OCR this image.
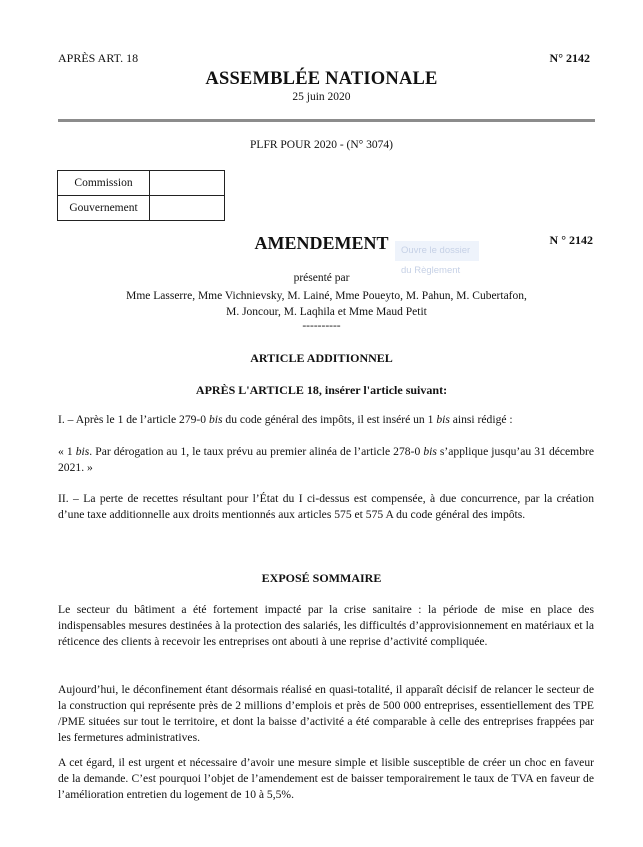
APRÈS ART. 18	N° 2142
ASSEMBLÉE NATIONALE
25 juin 2020
PLFR POUR 2020 - (N° 3074)
Commission	
Gouvernement	
AMENDEMENT	N ° 2142
Ouvre le dossier du Règlement
présenté par
Mme Lasserre, Mme Vichnievsky, M. Lainé, Mme Poueyto, M. Pahun, M. Cubertafon,
M. Joncour, M. Laqhila et Mme Maud Petit
----------
ARTICLE ADDITIONNEL
APRÈS L'ARTICLE 18, insérer l'article suivant:
I. – Après le 1 de l’article 279-0 bis du code général des impôts, il est inséré un 1 bis ainsi rédigé :
« 1 bis. Par dérogation au 1, le taux prévu au premier alinéa de l’article 278-0 bis s’applique jusqu’au 31 décembre 2021. »
II. – La perte de recettes résultant pour l’État du I ci-dessus est compensée, à due concurrence, par la création d’une taxe additionnelle aux droits mentionnés aux articles 575 et 575 A du code général des impôts.
EXPOSÉ SOMMAIRE
Le secteur du bâtiment a été fortement impacté par la crise sanitaire : la période de mise en place des indispensables mesures destinées à la protection des salariés, les difficultés d’approvisionnement en matériaux et la réticence des clients à recevoir les entreprises ont abouti à une reprise d’activité compliquée.
Aujourd’hui, le déconfinement étant désormais réalisé en quasi-totalité, il apparaît décisif de relancer le secteur de la construction qui représente près de 2 millions d’emplois et près de 500 000 entreprises, essentiellement des TPE /PME situées sur tout le territoire, et dont la baisse d’activité a été comparable à celle des entreprises frappées par les fermetures administratives.
A cet égard, il est urgent et nécessaire d’avoir une mesure simple et lisible susceptible de créer un choc en faveur de la demande. C’est pourquoi l’objet de l’amendement est de baisser temporairement le taux de TVA en faveur de l’amélioration entretien du logement de 10 à 5,5%.
